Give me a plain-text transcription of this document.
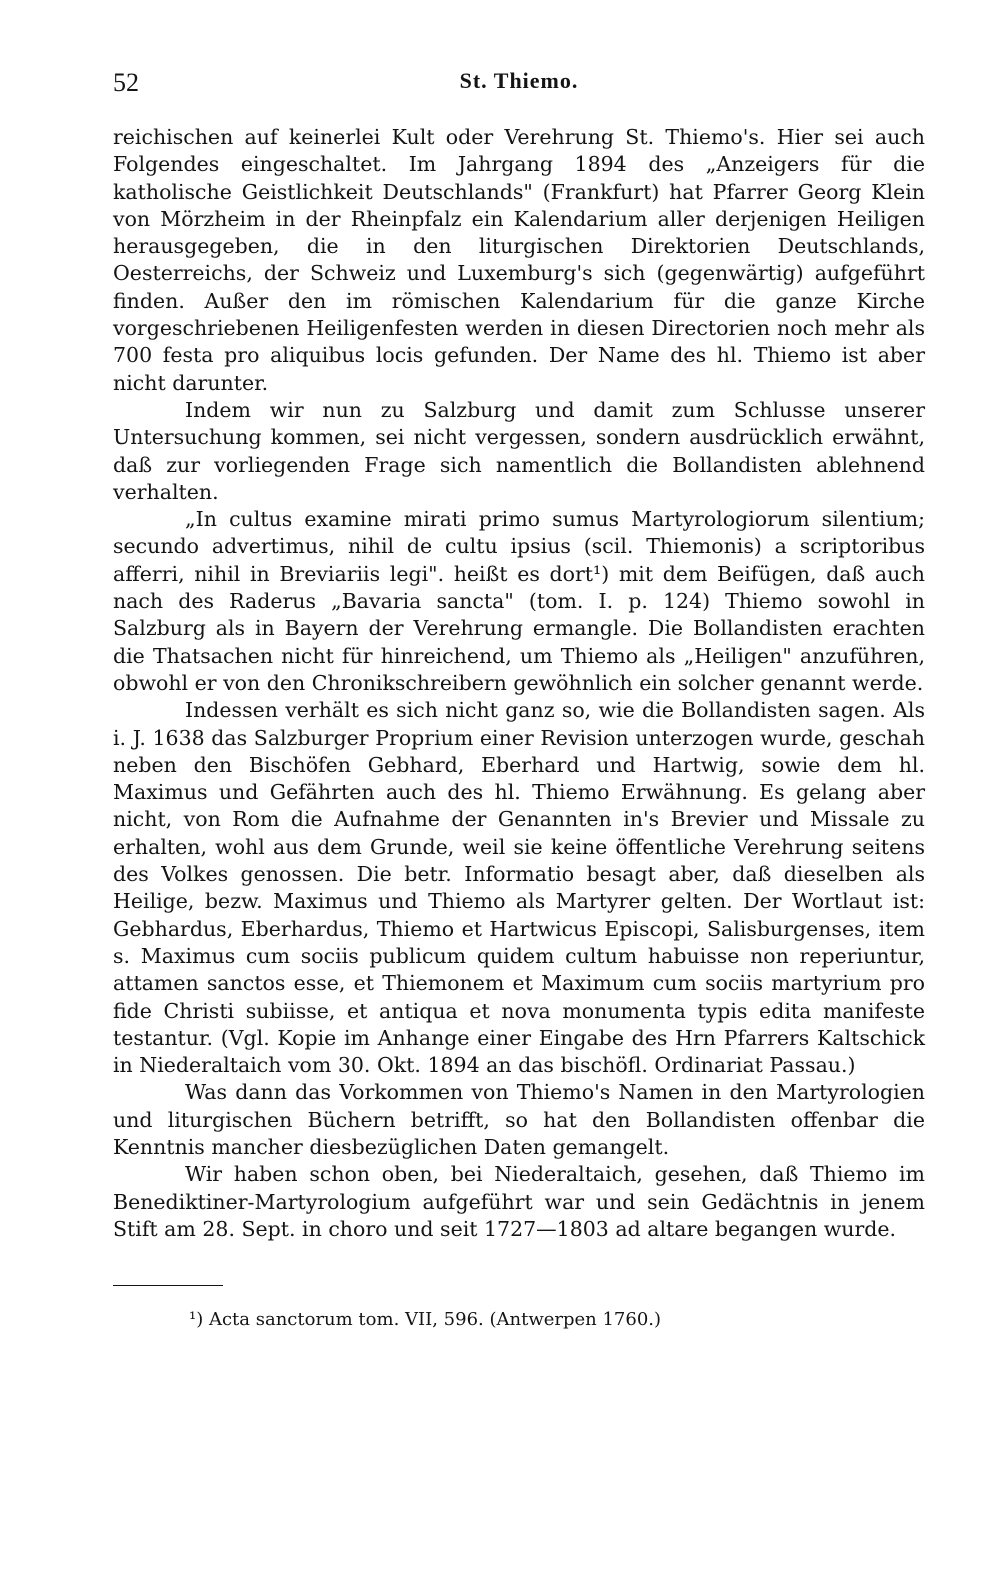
52	St. Thiemo.

reichischen auf keinerlei Kult oder Verehrung St. Thiemo's. Hier sei auch Folgendes eingeschaltet. Im Jahrgang 1894 des „Anzeigers für die katholische Geistlichkeit Deutschlands" (Frankfurt) hat Pfarrer Georg Klein von Mörzheim in der Rheinpfalz ein Kalendarium aller derjenigen Heiligen herausgegeben, die in den liturgischen Direktorien Deutschlands, Oesterreichs, der Schweiz und Luxemburg's sich (gegenwärtig) aufgeführt finden. Außer den im römischen Kalendarium für die ganze Kirche vorgeschriebenen Heiligenfesten werden in diesen Directorien noch mehr als 700 festa pro aliquibus locis gefunden. Der Name des hl. Thiemo ist aber nicht darunter.

Indem wir nun zu Salzburg und damit zum Schlusse unserer Untersuchung kommen, sei nicht vergessen, sondern ausdrücklich erwähnt, daß zur vorliegenden Frage sich namentlich die Bollandisten ablehnend verhalten.

„In cultus examine mirati primo sumus Martyrologiorum silentium; secundo advertimus, nihil de cultu ipsius (scil. Thiemonis) a scriptoribus afferri, nihil in Breviariis legi". heißt es dort¹) mit dem Beifügen, daß auch nach des Raderus „Bavaria sancta" (tom. I. p. 124) Thiemo sowohl in Salzburg als in Bayern der Verehrung ermangle. Die Bollandisten erachten die Thatsachen nicht für hinreichend, um Thiemo als „Heiligen" anzuführen, obwohl er von den Chronikschreibern gewöhnlich ein solcher genannt werde.

Indessen verhält es sich nicht ganz so, wie die Bollandisten sagen. Als i. J. 1638 das Salzburger Proprium einer Revision unterzogen wurde, geschah neben den Bischöfen Gebhard, Eberhard und Hartwig, sowie dem hl. Maximus und Gefährten auch des hl. Thiemo Erwähnung. Es gelang aber nicht, von Rom die Aufnahme der Genannten in's Brevier und Missale zu erhalten, wohl aus dem Grunde, weil sie keine öffentliche Verehrung seitens des Volkes genossen. Die betr. Informatio besagt aber, daß dieselben als Heilige, bezw. Maximus und Thiemo als Martyrer gelten. Der Wortlaut ist: Gebhardus, Eberhardus, Thiemo et Hartwicus Episcopi, Salisburgenses, item s. Maximus cum sociis publicum quidem cultum habuisse non reperiuntur, attamen sanctos esse, et Thiemonem et Maximum cum sociis martyrium pro fide Christi subiisse, et antiqua et nova monumenta typis edita manifeste testantur. (Vgl. Kopie im Anhange einer Eingabe des Hrn Pfarrers Kaltschick in Niederaltaich vom 30. Okt. 1894 an das bischöfl. Ordinariat Passau.)

Was dann das Vorkommen von Thiemo's Namen in den Martyrologien und liturgischen Büchern betrifft, so hat den Bollandisten offenbar die Kenntnis mancher diesbezüglichen Daten gemangelt.

Wir haben schon oben, bei Niederaltaich, gesehen, daß Thiemo im Benediktiner-Martyrologium aufgeführt war und sein Gedächtnis in jenem Stift am 28. Sept. in choro und seit 1727—1803 ad altare begangen wurde.

¹) Acta sanctorum tom. VII, 596. (Antwerpen 1760.)
